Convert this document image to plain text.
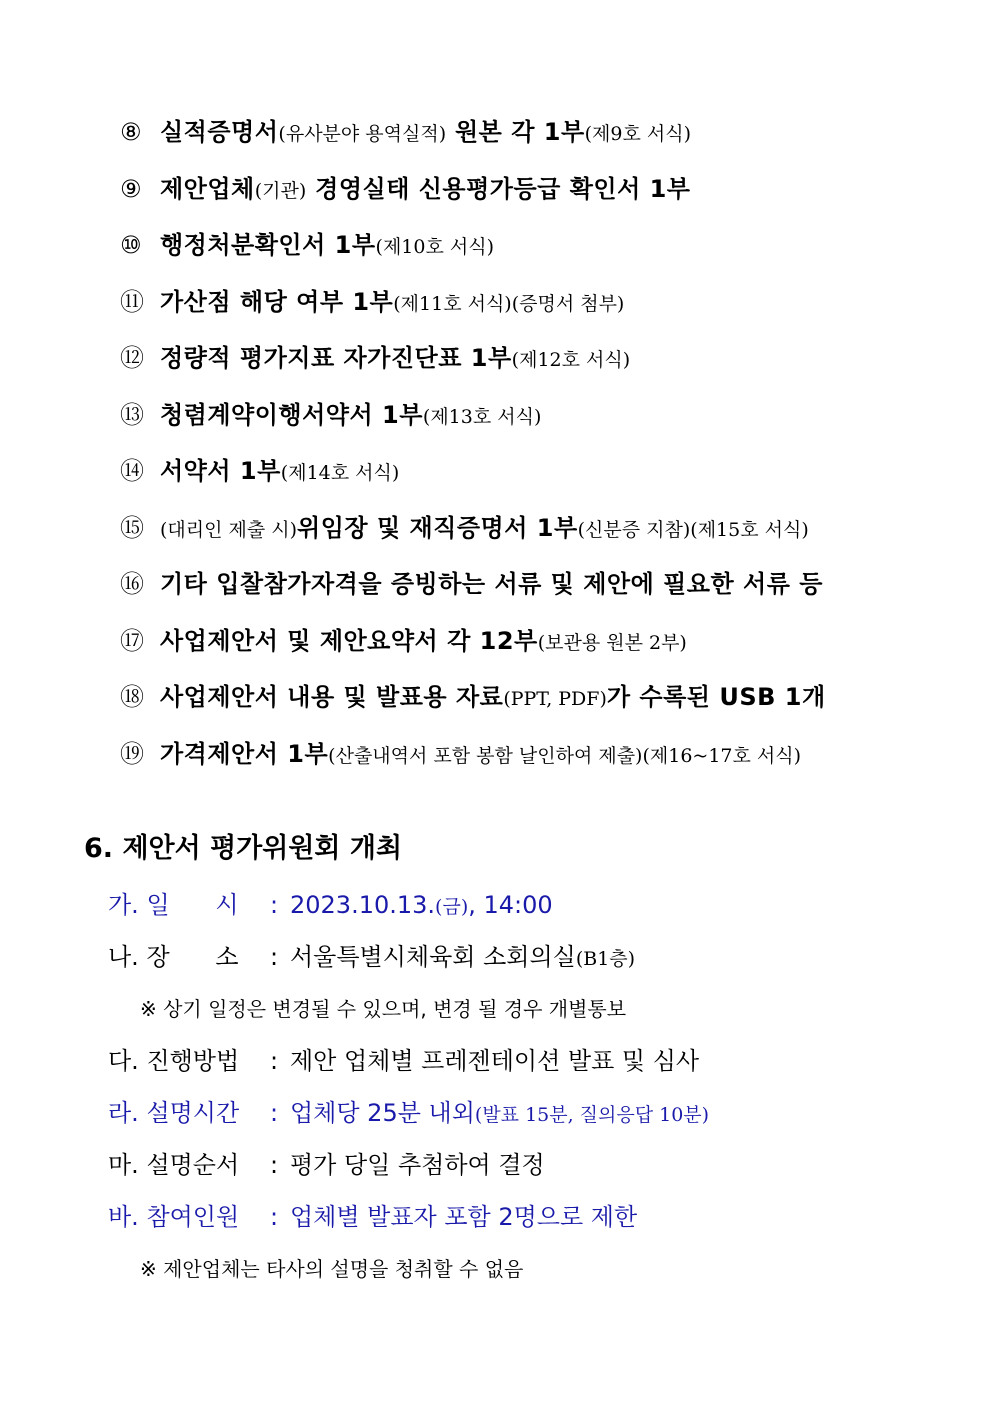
⑧ 실적증명서(유사분야 용역실적) 원본 각 1부(제9호 서식)
⑨ 제안업체(기관) 경영실태 신용평가등급 확인서 1부
⑩ 행정처분확인서 1부(제10호 서식)
⑪ 가산점 해당 여부 1부(제11호 서식)(증명서 첨부)
⑫ 정량적 평가지표 자가진단표 1부(제12호 서식)
⑬ 청렴계약이행서약서 1부(제13호 서식)
⑭ 서약서 1부(제14호 서식)
⑮ (대리인 제출 시)위임장 및 재직증명서 1부(신분증 지참)(제15호 서식)
⑯ 기타 입찰참가자격을 증빙하는 서류 및 제안에 필요한 서류 등
⑰ 사업제안서 및 제안요약서 각 12부(보관용 원본 2부)
⑱ 사업제안서 내용 및 발표용 자료(PPT, PDF)가 수록된 USB 1개
⑲ 가격제안서 1부(산출내역서 포함 봉함 날인하여 제출)(제16~17호 서식)
6. 제안서 평가위원회 개최
가. 일      시 : 2023.10.13.(금), 14:00
나. 장      소 : 서울특별시체육회 소회의실(B1층)
※ 상기 일정은 변경될 수 있으며, 변경 될 경우 개별통보
다. 진행방법 : 제안 업체별 프레젠테이션 발표 및 심사
라. 설명시간 : 업체당 25분 내외(발표 15분, 질의응답 10분)
마. 설명순서 : 평가 당일 추첨하여 결정
바. 참여인원 : 업체별 발표자 포함 2명으로 제한
※ 제안업체는 타사의 설명을 청취할 수 없음
